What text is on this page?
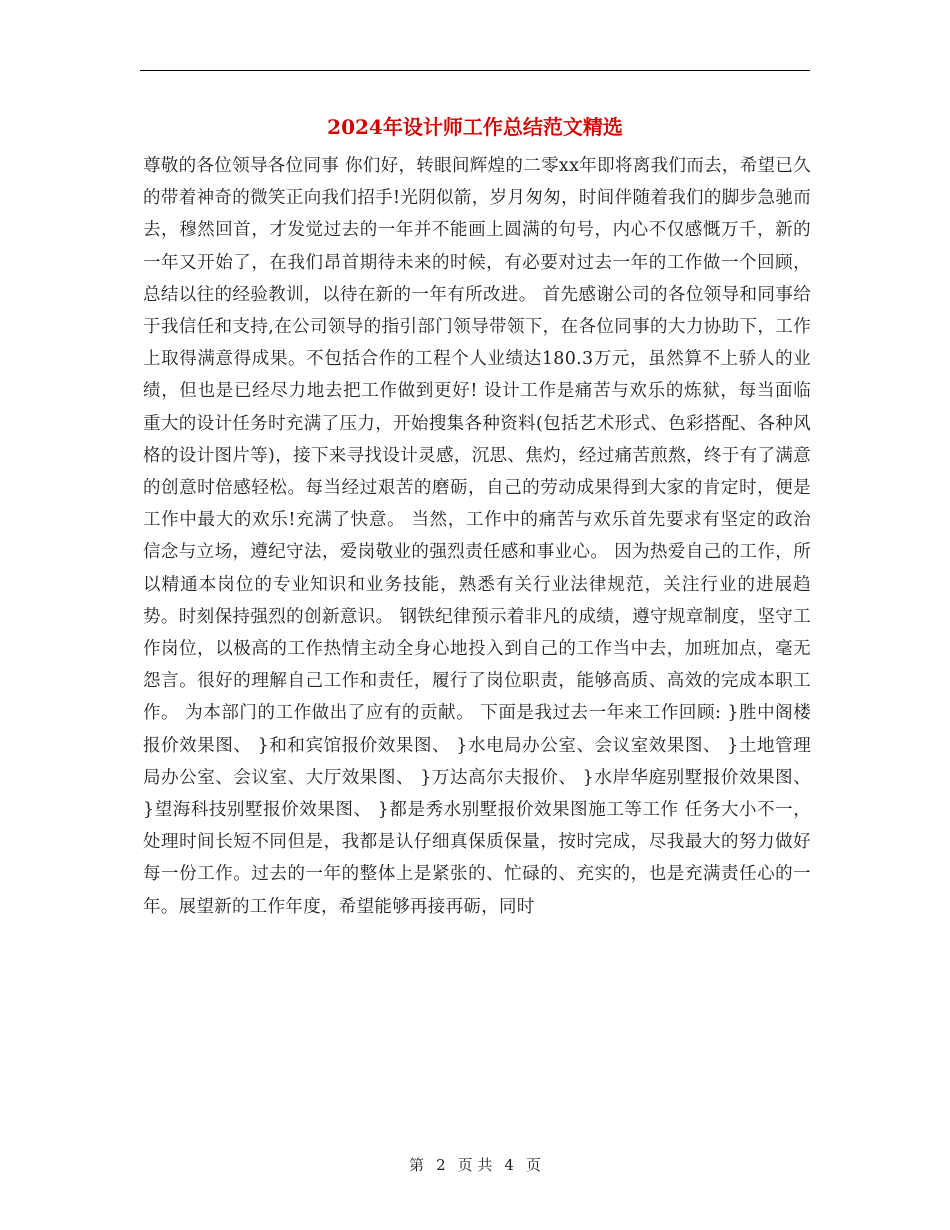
2024年设计师工作总结范文精选

尊敬的各位领导各位同事 你们好，转眼间辉煌的二零xx年即将离我们而去，希望已久的带着神奇的微笑正向我们招手!光阴似箭，岁月匆匆，时间伴随着我们的脚步急驰而去，穆然回首，才发觉过去的一年并不能画上圆满的句号，内心不仅感慨万千，新的一年又开始了，在我们昂首期待未来的时候，有必要对过去一年的工作做一个回顾，总结以往的经验教训，以待在新的一年有所改进。 首先感谢公司的各位领导和同事给于我信任和支持,在公司领导的指引部门领导带领下，在各位同事的大力协助下，工作上取得满意得成果。不包括合作的工程个人业绩达180.3万元，虽然算不上骄人的业绩，但也是已经尽力地去把工作做到更好! 设计工作是痛苦与欢乐的炼狱，每当面临重大的设计任务时充满了压力，开始搜集各种资料(包括艺术形式、色彩搭配、各种风格的设计图片等)，接下来寻找设计灵感，沉思、焦灼，经过痛苦煎熬，终于有了满意的创意时倍感轻松。每当经过艰苦的磨砺，自己的劳动成果得到大家的肯定时，便是工作中最大的欢乐!充满了快意。 当然，工作中的痛苦与欢乐首先要求有坚定的政治信念与立场，遵纪守法，爱岗敬业的强烈责任感和事业心。 因为热爱自己的工作，所以精通本岗位的专业知识和业务技能，熟悉有关行业法律规范，关注行业的进展趋势。时刻保持强烈的创新意识。 钢铁纪律预示着非凡的成绩，遵守规章制度，坚守工作岗位，以极高的工作热情主动全身心地投入到自己的工作当中去，加班加点，毫无怨言。很好的理解自己工作和责任，履行了岗位职责，能够高质、高效的完成本职工作。 为本部门的工作做出了应有的贡献。 下面是我过去一年来工作回顾: }胜中阁楼报价效果图、 }和和宾馆报价效果图、 }水电局办公室、会议室效果图、 }土地管理局办公室、会议室、大厅效果图、 }万达高尔夫报价、 }水岸华庭别墅报价效果图、 }望海科技别墅报价效果图、 }都是秀水别墅报价效果图施工等工作 任务大小不一，处理时间长短不同但是，我都是认仔细真保质保量，按时完成，尽我最大的努力做好每一份工作。过去的一年的整体上是紧张的、忙碌的、充实的，也是充满责任心的一年。展望新的工作年度，希望能够再接再砺，同时

第 2 页 共 4 页
